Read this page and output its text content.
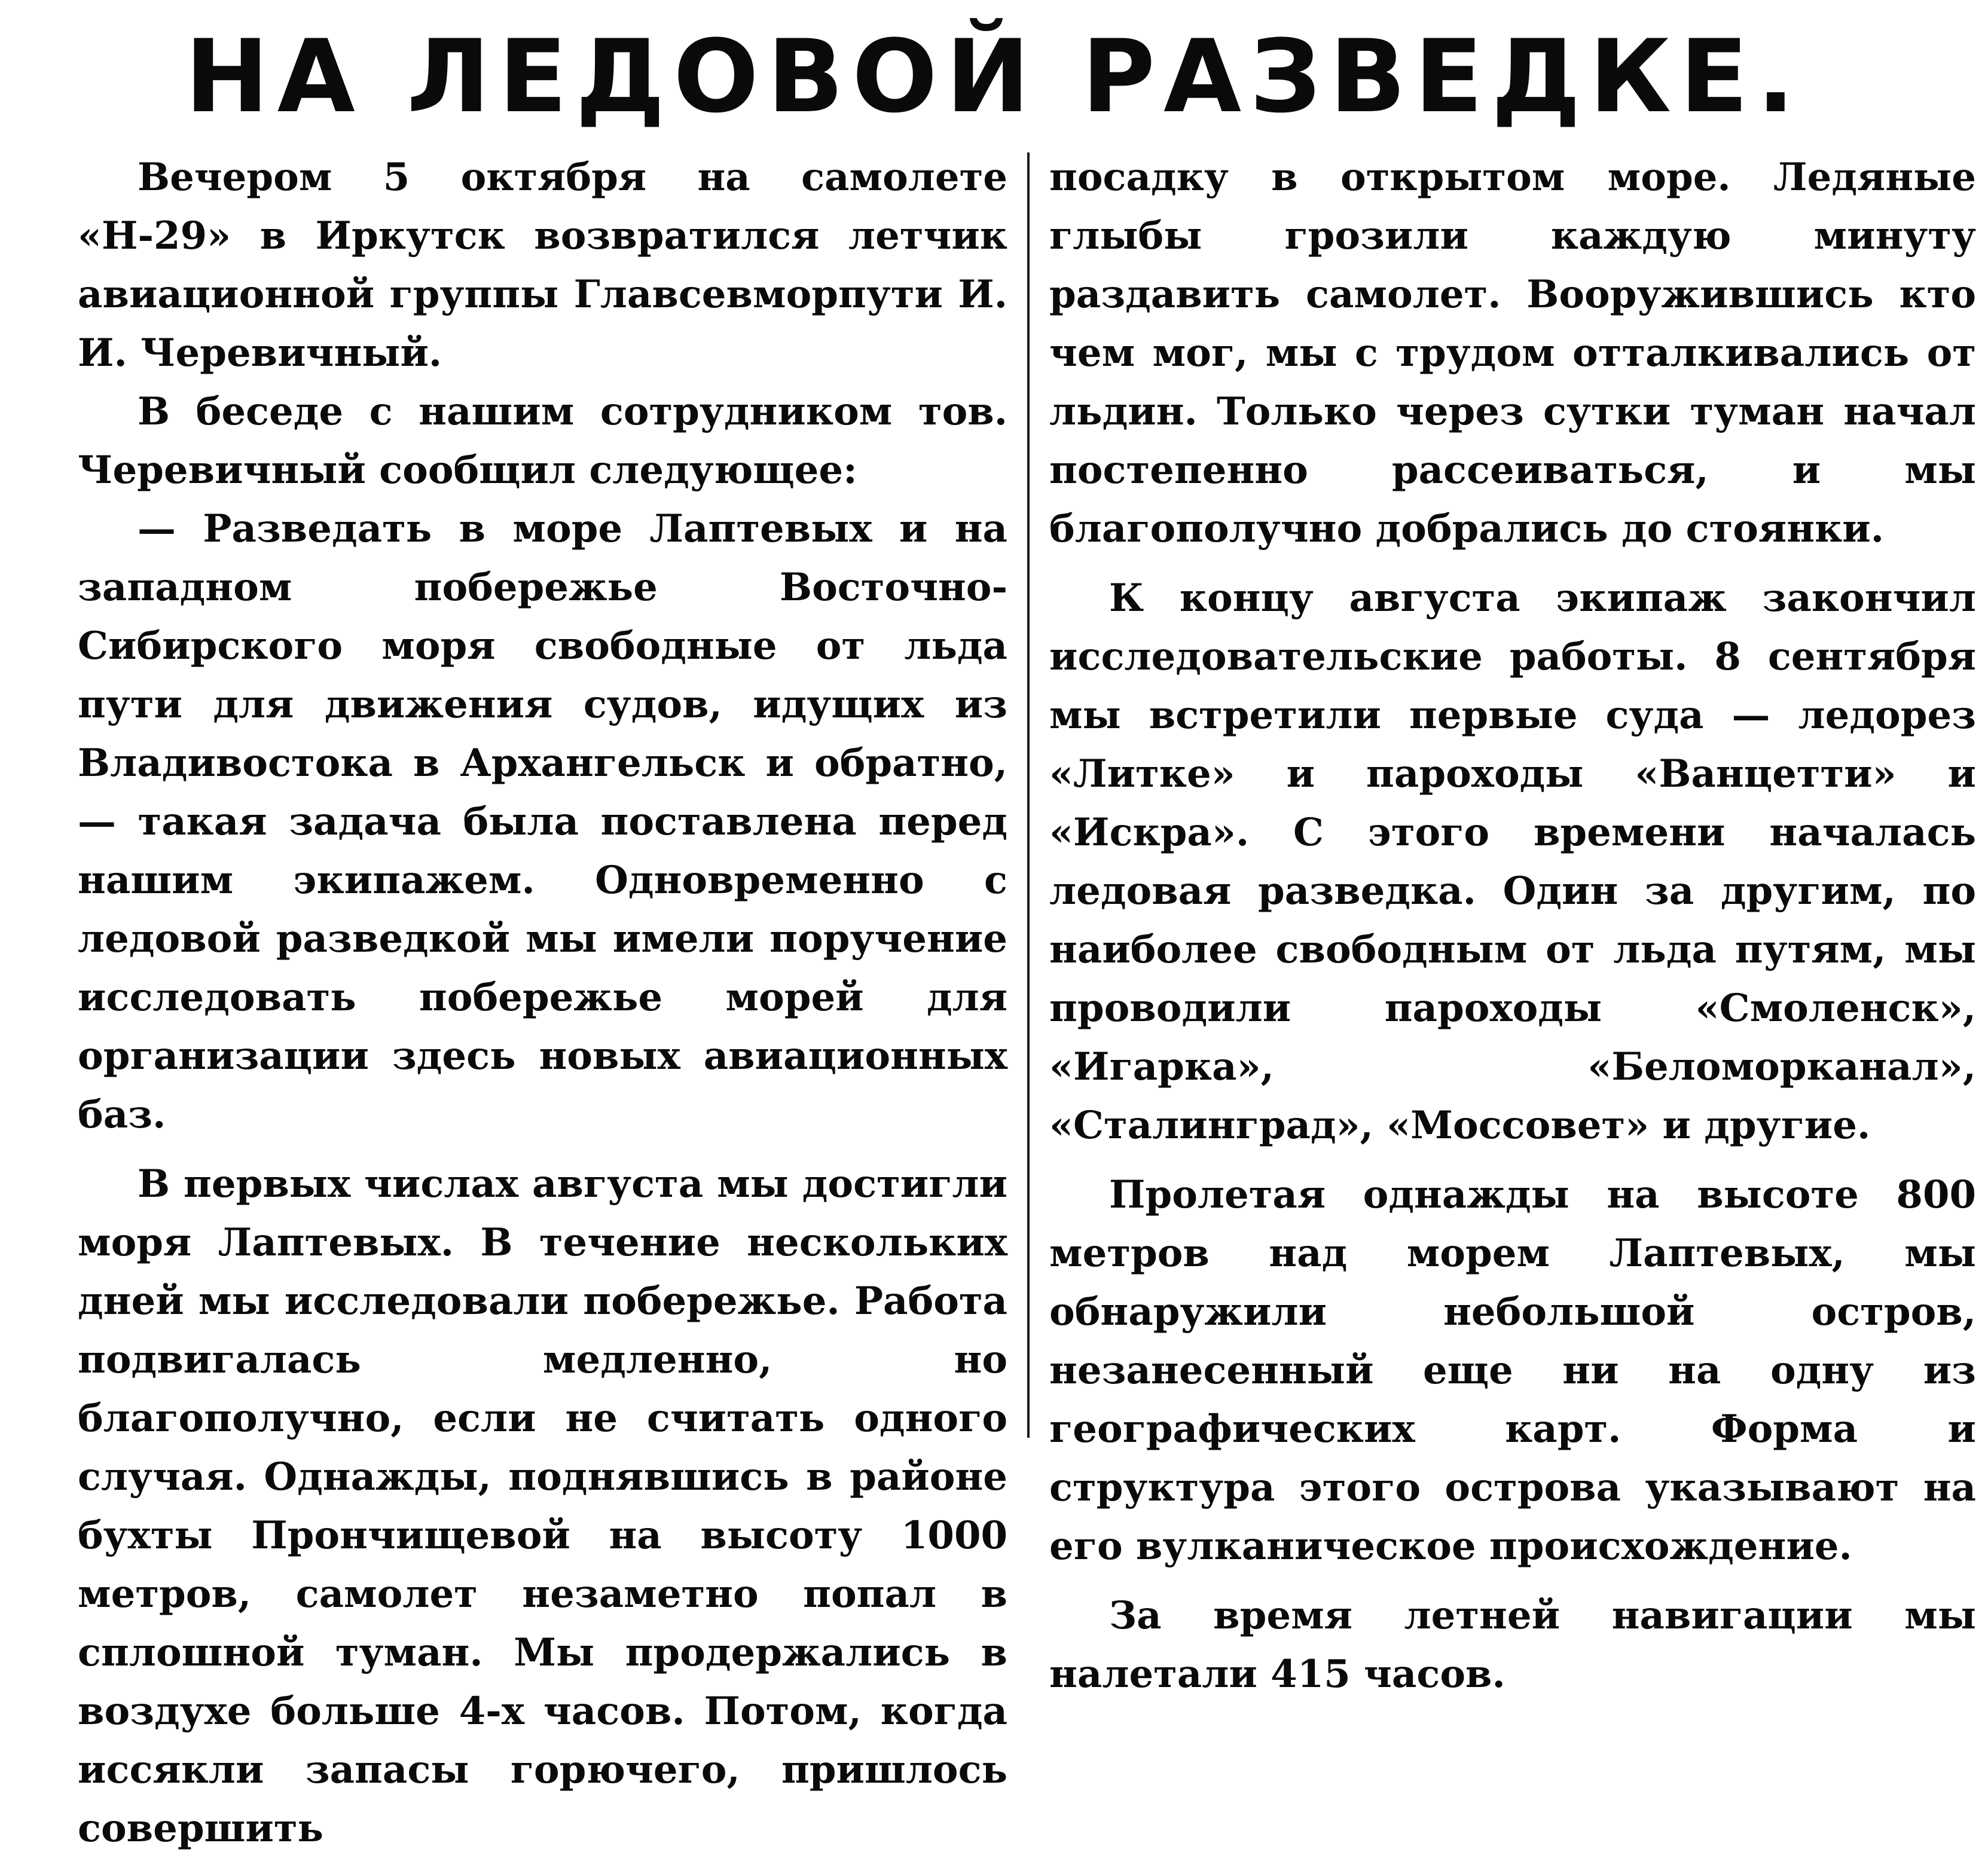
НА ЛЕДОВОЙ РАЗВЕДКЕ.

Вечером 5 октября на самолете «Н-29» в Иркутск возвратился летчик авиационной группы Главсевморпути И. И. Черевичный.

В беседе с нашим сотрудником тов. Черевичный сообщил следующее:

— Разведать в море Лаптевых и на западном побережье Восточно-Сибирского моря свободные от льда пути для движения судов, идущих из Владивостока в Архангельск и обратно, — такая задача была поставлена перед нашим экипажем. Одновременно с ледовой разведкой мы имели поручение исследовать побережье морей для организации здесь новых авиационных баз.

В первых числах августа мы достигли моря Лаптевых. В течение нескольких дней мы исследовали побережье. Работа подвигалась медленно, но благополучно, если не считать одного случая. Однажды, поднявшись в районе бухты Прончищевой на высоту 1000 метров, самолет незаметно попал в сплошной туман. Мы продержались в воздухе больше 4-х часов. Потом, когда иссякли запасы горючего, пришлось совершить

посадку в открытом море. Ледяные глыбы грозили каждую минуту раздавить самолет. Вооружившись кто чем мог, мы с трудом отталкивались от льдин. Только через сутки туман начал постепенно рассеиваться, и мы благополучно добрались до стоянки.

К концу августа экипаж закончил исследовательские работы. 8 сентября мы встретили первые суда — ледорез «Литке» и пароходы «Ванцетти» и «Искра». С этого времени началась ледовая разведка. Один за другим, по наиболее свободным от льда путям, мы проводили пароходы «Смоленск», «Игарка», «Беломорканал», «Сталинград», «Моссовет» и другие.

Пролетая однажды на высоте 800 метров над морем Лаптевых, мы обнаружили небольшой остров, незанесенный еще ни на одну из географических карт. Форма и структура этого острова указывают на его вулканическое происхождение.

За время летней навигации мы налетали 415 часов.
